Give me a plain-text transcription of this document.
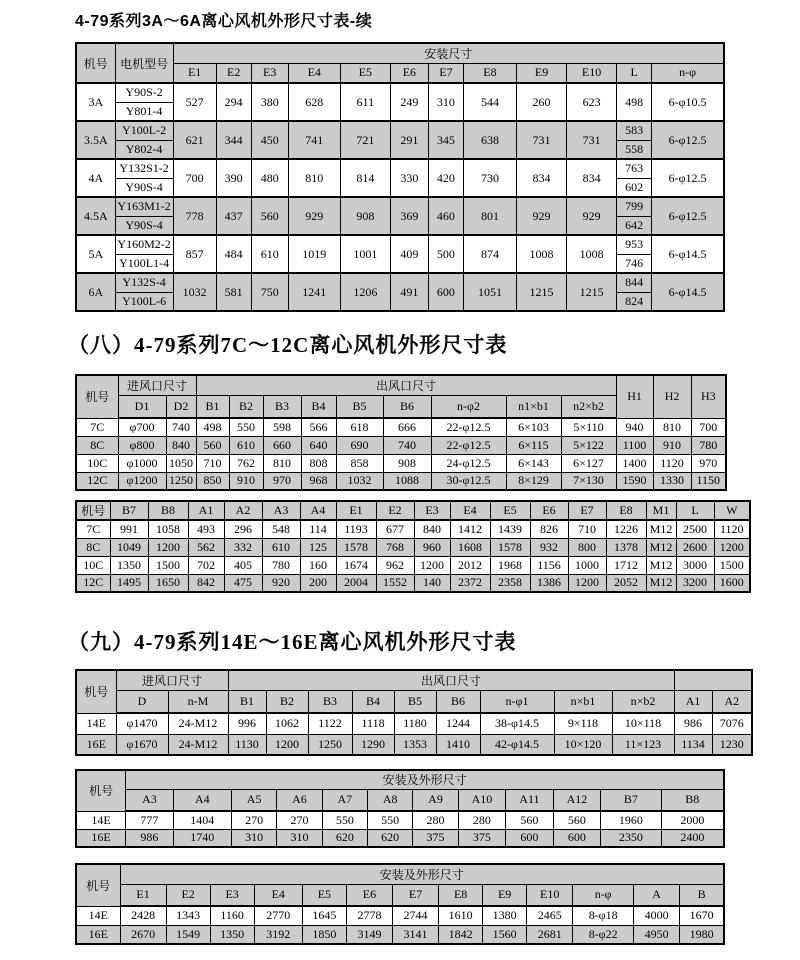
4-79系列3A～6A离心风机外形尺寸表-续
机号	电机型号	安装尺寸											
		E1	E2	E3	E4	E5	E6	E7	E8	E9	E10	L	n-φ
3A	Y90S-2	527	294	380	628	611	249	310	544	260	623	498	6-φ10.5
	Y801-4												
3.5A	Y100L-2	621	344	450	741	721	291	345	638	731	731	583	6-φ12.5
	Y802-4											558	
4A	Y132S1-2	700	390	480	810	814	330	420	730	834	834	763	6-φ12.5
	Y90S-4											602	
4.5A	Y163M1-2	778	437	560	929	908	369	460	801	929	929	799	6-φ12.5
	Y90S-4											642	
5A	Y160M2-2	857	484	610	1019	1001	409	500	874	1008	1008	953	6-φ14.5
	Y100L1-4											746	
6A	Y132S-4	1032	581	750	1241	1206	491	600	1051	1215	1215	844	6-φ14.5
	Y100L-6											824	
（八）4-79系列7C～12C离心风机外形尺寸表
机号	进风口尺寸		出风口尺寸									H1	H2	H3
	D1	D2	B1	B2	B3	B4	B5	B6	n-φ2	n1×b1	n2×b2			
7C	φ700	740	498	550	598	566	618	666	22-φ12.5	6×103	5×110	940	810	700
8C	φ800	840	560	610	660	640	690	740	22-φ12.5	6×115	5×122	1100	910	780
10C	φ1000	1050	710	762	810	808	858	908	24-φ12.5	6×143	6×127	1400	1120	970
12C	φ1200	1250	850	910	970	968	1032	1088	30-φ12.5	8×129	7×130	1590	1330	1150
机号	B7	B8	A1	A2	A3	A4	E1	E2	E3	E4	E5	E6	E7	E8	M1	L	W
7C	991	1058	493	296	548	114	1193	677	840	1412	1439	826	710	1226	M12	2500	1120
8C	1049	1200	562	332	610	125	1578	768	960	1608	1578	932	800	1378	M12	2600	1200
10C	1350	1500	702	405	780	160	1674	962	1200	2012	1968	1156	1000	1712	M12	3000	1500
12C	1495	1650	842	475	920	200	2004	1552	140	2372	2358	1386	1200	2052	M12	3200	1600
（九）4-79系列14E～16E离心风机外形尺寸表
机号	进风口尺寸		出风口尺寸										
	D	n-M	B1	B2	B3	B4	B5	B6	n-φ1	n×b1	n×b2	A1	A2
14E	φ1470	24-M12	996	1062	1122	1118	1180	1244	38-φ14.5	9×118	10×118	986	7076
16E	φ1670	24-M12	1130	1200	1250	1290	1353	1410	42-φ14.5	10×120	11×123	1134	1230
机号	安装及外形尺寸											
	A3	A4	A5	A6	A7	A8	A9	A10	A11	A12	B7	B8
14E	777	1404	270	270	550	550	280	280	560	560	1960	2000
16E	986	1740	310	310	620	620	375	375	600	600	2350	2400
机号	安装及外形尺寸												
	E1	E2	E3	E4	E5	E6	E7	E8	E9	E10	n-φ	A	B
14E	2428	1343	1160	2770	1645	2778	2744	1610	1380	2465	8-φ18	4000	1670
16E	2670	1549	1350	3192	1850	3149	3141	1842	1560	2681	8-φ22	4950	1980
